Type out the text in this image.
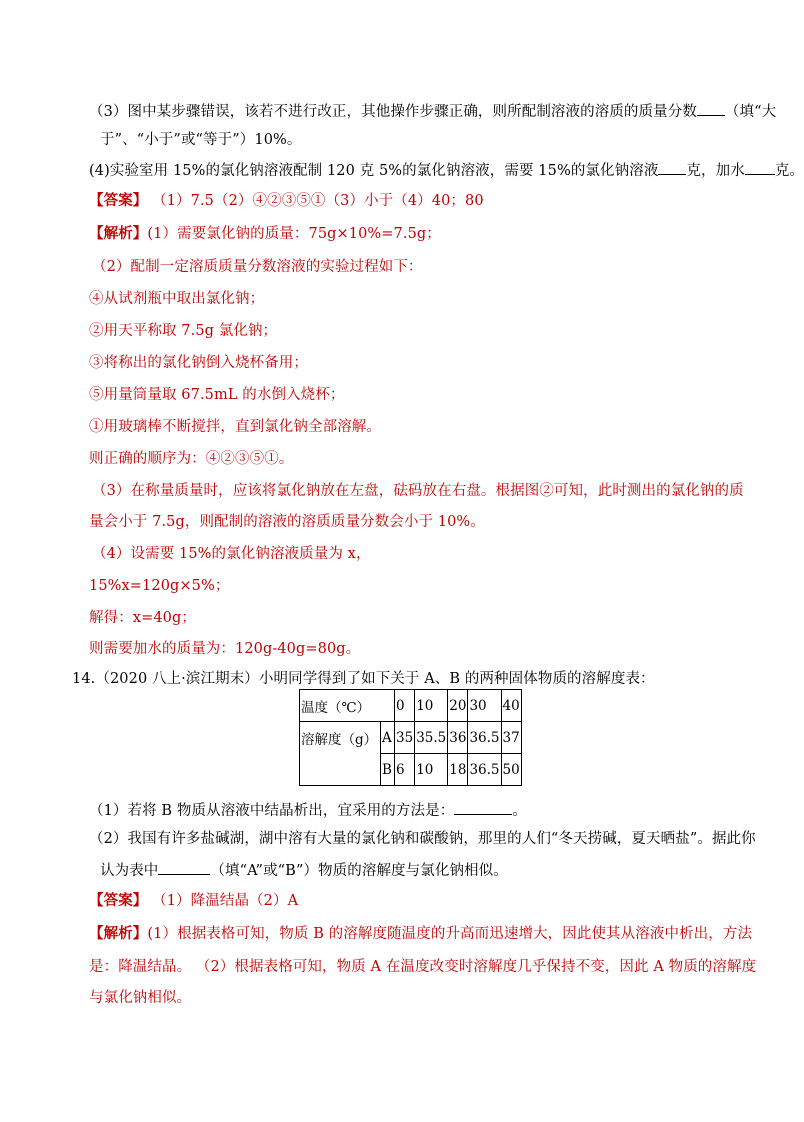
（3）图中某步骤错误，该若不进行改正，其他操作步骤正确，则所配制溶液的溶质的质量分数 （填“大
于”、“小于”或“等于”）10%。
(4)实验室用 15%的氯化钠溶液配制 120 克 5%的氯化钠溶液，需要 15%的氯化钠溶液 克，加水 克。
【答案】 （1）7.5（2）④②③⑤①（3）小于（4）40；80
【解析】(1）需要氯化钠的质量：75g×10%=7.5g；
（2）配制一定溶质质量分数溶液的实验过程如下：
④从试剂瓶中取出氯化钠；
②用天平称取 7.5g 氯化钠；
③将称出的氯化钠倒入烧杯备用；
⑤用量筒量取 67.5mL 的水倒入烧杯；
①用玻璃棒不断搅拌，直到氯化钠全部溶解。
则正确的顺序为：④②③⑤①。
（3）在称量质量时，应该将氯化钠放在左盘，砝码放在右盘。根据图②可知，此时测出的氯化钠的质
量会小于 7.5g，则配制的溶液的溶质质量分数会小于 10%。
（4）设需要 15%的氯化钠溶液质量为 x，
15%x=120g×5%；
解得：x=40g；
则需要加水的质量为：120g-40g=80g。
14.（2020 八上·滨江期末）小明同学得到了如下关于 A、B 的两种固体物质的溶解度表：
温度（℃）		0	10	20	30	40
溶解度（g）	A	35	35.5	36	36.5	37
	B	6	10	18	36.5	50
（1）若将 B 物质从溶液中结晶析出，宜采用的方法是：	。
（2）我国有许多盐碱湖，湖中溶有大量的氯化钠和碳酸钠，那里的人们“冬天捞碱，夏天晒盐”。据此你
认为表中	（填“A”或“B”）物质的溶解度与氯化钠相似。
【答案】 （1）降温结晶（2）A
【解析】(1）根据表格可知，物质 B 的溶解度随温度的升高而迅速增大，因此使其从溶液中析出，方法
是：降温结晶。 （2）根据表格可知，物质 A 在温度改变时溶解度几乎保持不变，因此 A 物质的溶解度
与氯化钠相似。
